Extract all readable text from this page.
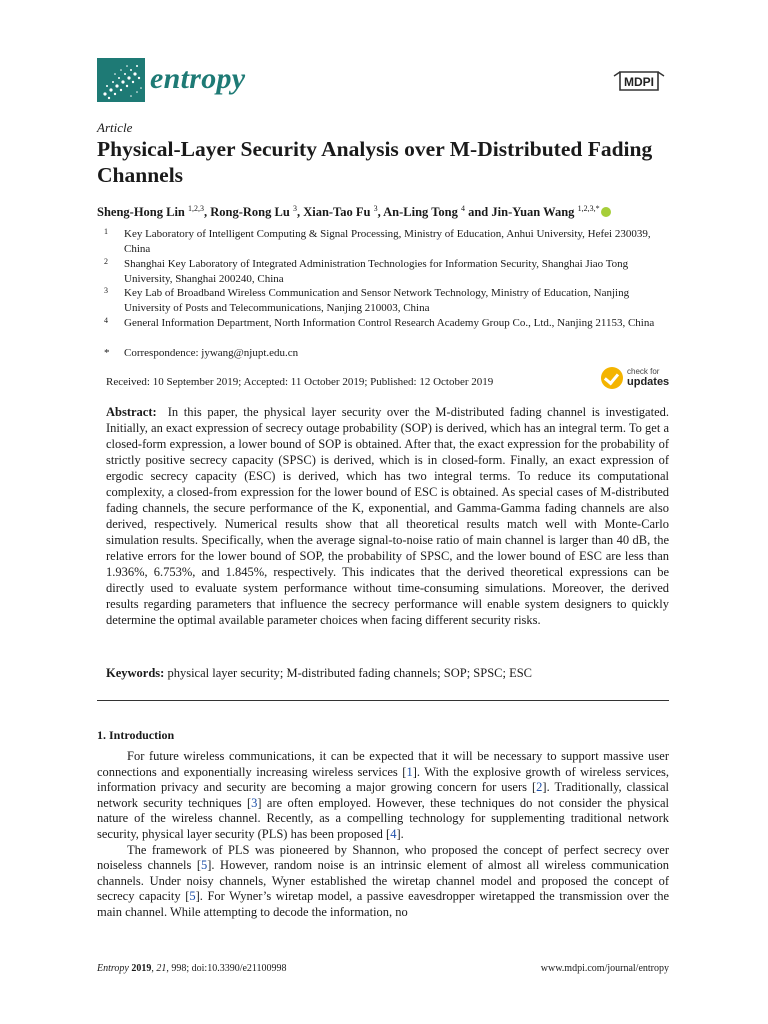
entropy	MDPI
Article
Physical-Layer Security Analysis over M-Distributed Fading Channels
Sheng-Hong Lin $^{1,2,3}$, Rong-Rong Lu $^3$, Xian-Tao Fu $^3$, An-Ling Tong $^4$ and Jin-Yuan Wang $^{1,2,3,*}$
1 Key Laboratory of Intelligent Computing & Signal Processing, Ministry of Education, Anhui University, Hefei 230039, China
2 Shanghai Key Laboratory of Integrated Administration Technologies for Information Security, Shanghai Jiao Tong University, Shanghai 200240, China
3 Key Lab of Broadband Wireless Communication and Sensor Network Technology, Ministry of Education, Nanjing University of Posts and Telecommunications, Nanjing 210003, China
4 General Information Department, North Information Control Research Academy Group Co., Ltd., Nanjing 21153, China
* Correspondence: jywang@njupt.edu.cn
Received: 10 September 2019; Accepted: 11 October 2019; Published: 12 October 2019
check for
updates
Abstract: In this paper, the physical layer security over the M-distributed fading channel is investigated. Initially, an exact expression of secrecy outage probability (SOP) is derived, which has an integral term. To get a closed-form expression, a lower bound of SOP is obtained. After that, the exact expression for the probability of strictly positive secrecy capacity (SPSC) is derived, which is in closed-form. Finally, an exact expression of ergodic secrecy capacity (ESC) is derived, which has two integral terms. To reduce its computational complexity, a closed-from expression for the lower bound of ESC is obtained. As special cases of M-distributed fading channels, the secure performance of the K, exponential, and Gamma-Gamma fading channels are also derived, respectively. Numerical results show that all theoretical results match well with Monte-Carlo simulation results. Specifically, when the average signal-to-noise ratio of main channel is larger than 40 dB, the relative errors for the lower bound of SOP, the probability of SPSC, and the lower bound of ESC are less than 1.936%, 6.753%, and 1.845%, respectively. This indicates that the derived theoretical expressions can be directly used to evaluate system performance without time-consuming simulations. Moreover, the derived results regarding parameters that influence the secrecy performance will enable system designers to quickly determine the optimal available parameter choices when facing different security risks.
Keywords: physical layer security; M-distributed fading channels; SOP; SPSC; ESC
1. Introduction

For future wireless communications, it can be expected that it will be necessary to support massive user connections and exponentially increasing wireless services [1]. With the explosive growth of wireless services, information privacy and security are becoming a major growing concern for users [2]. Traditionally, classical network security techniques [3] are often employed. However, these techniques do not consider the physical nature of the wireless channel. Recently, as a compelling technology for supplementing traditional network security, physical layer security (PLS) has been proposed [4].

The framework of PLS was pioneered by Shannon, who proposed the concept of perfect secrecy over noiseless channels [5]. However, random noise is an intrinsic element of almost all wireless communication channels. Under noisy channels, Wyner established the wiretap channel model and proposed the concept of secrecy capacity [5]. For Wyner’s wiretap model, a passive eavesdropper wiretapped the transmission over the main channel. While attempting to decode the information, no

Entropy 2019, 21, 998; doi:10.3390/e21100998	www.mdpi.com/journal/entropy
